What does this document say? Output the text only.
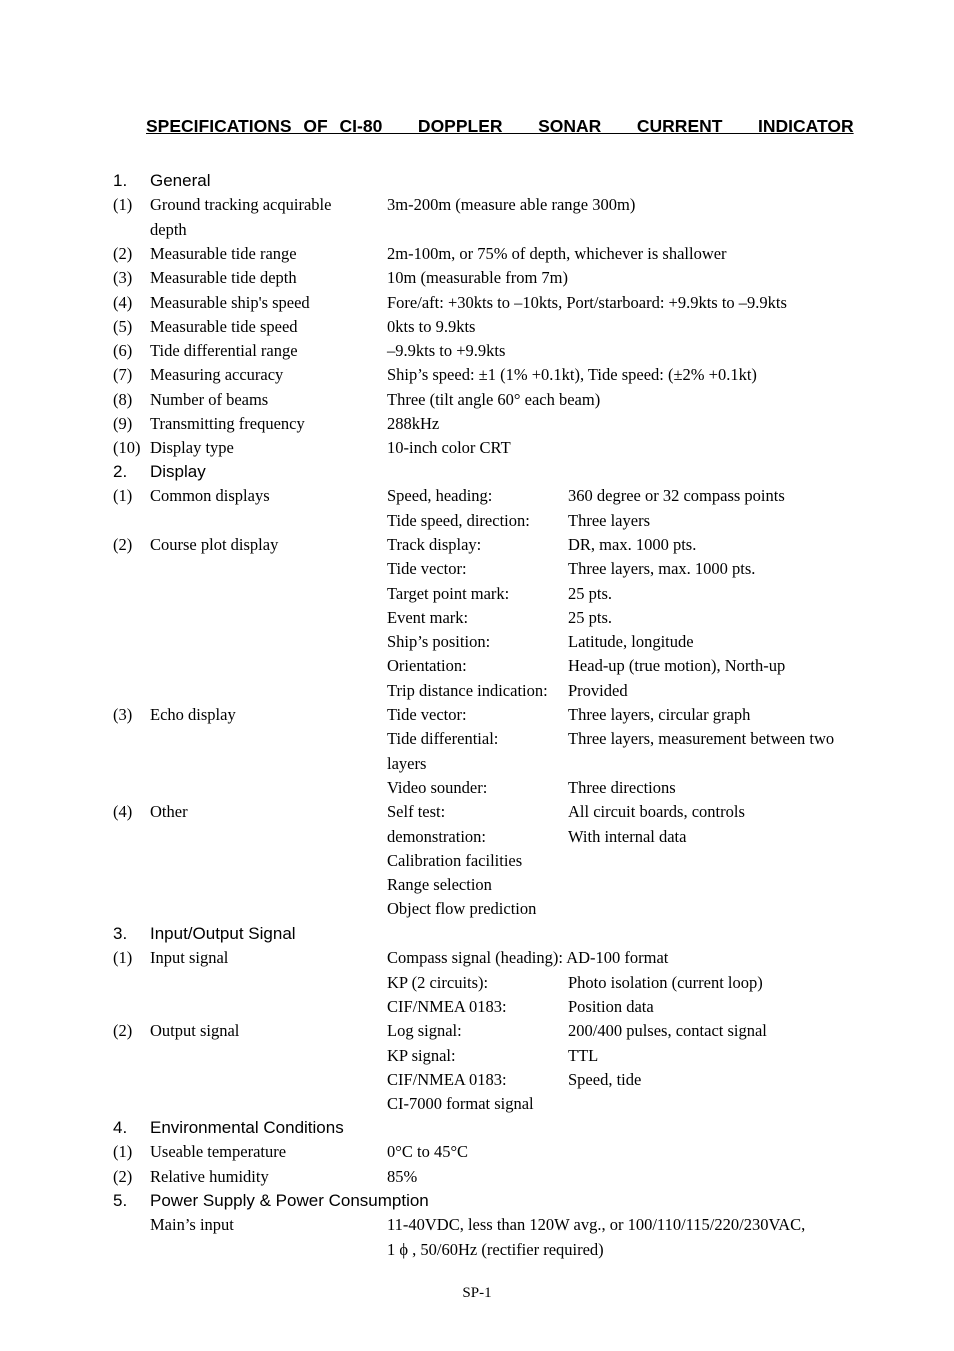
SPECIFICATIONS OF CI-80   DOPPLER   SONAR   CURRENT   INDICATOR
1. General
(1) Ground tracking acquirable	3m-200m (measure able range 300m)
depth
(2) Measurable tide range	2m-100m, or 75% of depth, whichever is shallower
(3) Measurable tide depth	10m (measurable from 7m)
(4) Measurable ship's speed	Fore/aft: +30kts to –10kts, Port/starboard: +9.9kts to –9.9kts
(5) Measurable tide speed	0kts to 9.9kts
(6) Tide differential range	–9.9kts to +9.9kts
(7) Measuring accuracy	Ship’s speed: ±1 (1% +0.1kt), Tide speed: (±2% +0.1kt)
(8) Number of beams	Three (tilt angle 60° each beam)
(9) Transmitting frequency	288kHz
(10) Display type	10-inch color CRT
2. Display
(1) Common displays	Speed, heading:	360 degree or 32 compass points
Tide speed, direction: Three layers
(2) Course plot display	Track display:	DR, max. 1000 pts.
Tide vector:	Three layers, max. 1000 pts.
Target point mark:	25 pts.
Event mark:	25 pts.
Ship’s position:	Latitude, longitude
Orientation:	Head-up (true motion), North-up
Trip distance indication: Provided
(3) Echo display	Tide vector:	Three layers, circular graph
Tide differential:	Three layers, measurement between two
layers
Video sounder:	Three directions
(4) Other	Self test:	All circuit boards, controls
demonstration:	With internal data
Calibration facilities
Range selection
Object flow prediction
3. Input/Output Signal
(1) Input signal	Compass signal (heading): AD-100 format
KP (2 circuits):	Photo isolation (current loop)
CIF/NMEA 0183:	Position data
(2) Output signal	Log signal:	200/400 pulses, contact signal
KP signal:	TTL
CIF/NMEA 0183:	Speed, tide
CI-7000 format signal
4. Environmental Conditions
(1) Useable temperature	0°C to 45°C
(2) Relative humidity	85%
5. Power Supply & Power Consumption
Main’s input	11-40VDC, less than 120W avg., or 100/110/115/220/230VAC,
1 ϕ , 50/60Hz (rectifier required)
SP-1
